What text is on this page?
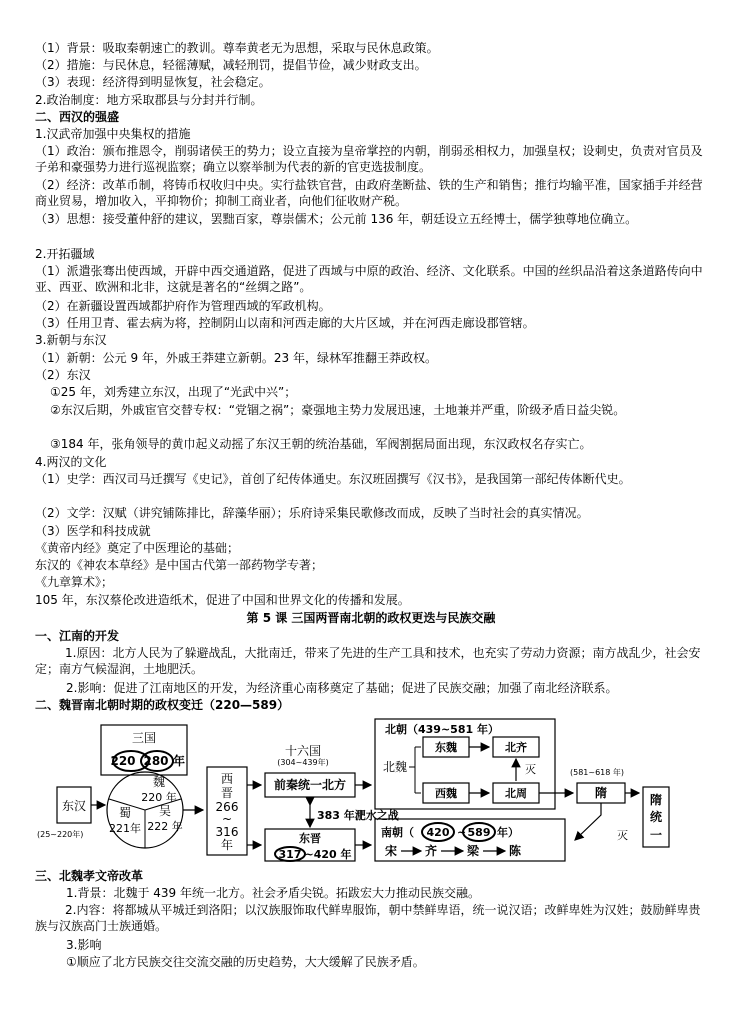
（1）背景：吸取秦朝速亡的教训。尊奉黄老无为思想，采取与民休息政策。
（2）措施：与民休息，轻徭薄赋，减轻刑罚，提倡节俭，减少财政支出。
（3）表现：经济得到明显恢复，社会稳定。
2.政治制度：地方采取郡县与分封并行制。
二、西汉的强盛
1.汉武帝加强中央集权的措施
（1）政治：颁布推恩令，削弱诸侯王的势力；设立直接为皇帝掌控的内朝，削弱丞相权力，加强皇权；设刺史，负责对官员及子弟和豪强势力进行巡视监察；确立以察举制为代表的新的官吏选拔制度。
（2）经济：改革币制，将铸币权收归中央。实行盐铁官营，由政府垄断盐、铁的生产和销售；推行均输平准，国家插手并经营商业贸易，增加收入，平抑物价；抑制工商业者，向他们征收财产税。
（3）思想：接受董仲舒的建议，罢黜百家，尊崇儒术；公元前 136 年，朝廷设立五经博士，儒学独尊地位确立。
2.开拓疆域
（1）派遣张骞出使西域，开辟中西交通道路，促进了西域与中原的政治、经济、文化联系。中国的丝织品沿着这条道路传向中亚、西亚、欧洲和北非，这就是著名的“丝绸之路”。
（2）在新疆设置西域都护府作为管理西域的军政机构。
（3）任用卫青、霍去病为将，控制阴山以南和河西走廊的大片区域，并在河西走廊设郡管辖。
3.新朝与东汉
（1）新朝：公元 9 年，外戚王莽建立新朝。23 年，绿林军推翻王莽政权。
（2）东汉
①25 年，刘秀建立东汉，出现了“光武中兴”；
②东汉后期，外戚宦官交替专权：“党锢之祸”；豪强地主势力发展迅速，土地兼并严重，阶级矛盾日益尖锐。
③184 年，张角领导的黄巾起义动摇了东汉王朝的统治基础，军阀割据局面出现，东汉政权名存实亡。
4.两汉的文化
（1）史学：西汉司马迁撰写《史记》，首创了纪传体通史。东汉班固撰写《汉书》，是我国第一部纪传体断代史。
（2）文学：汉赋（讲究铺陈排比，辞藻华丽）；乐府诗采集民歌修改而成，反映了当时社会的真实情况。
（3）医学和科技成就
《黄帝内经》奠定了中医理论的基础；
东汉的《神农本草经》是中国古代第一部药物学专著；
《九章算术》；
105 年，东汉蔡伦改进造纸术，促进了中国和世界文化的传播和发展。
第 5 课 三国两晋南北朝的政权更迭与民族交融
一、江南的开发
1.原因：北方人民为了躲避战乱，大批南迁，带来了先进的生产工具和技术，也充实了劳动力资源；南方战乱少，社会安定；南方气候湿润，土地肥沃。
2.影响：促进了江南地区的开发，为经济重心南移奠定了基础；促进了民族交融；加强了南北经济联系。
二、魏晋南北朝时期的政权变迁（220—589）
三国
220 280 年
东汉
(25~220年)
魏
220 年
蜀
221年
吴
222 年
西
晋
266
~
316
年
十六国
(304~439年)
前秦统一北方
383 年淝水之战
东晋
317 ~420 年
北朝（439~581 年）
北魏
东魏
西魏
北齐
北周
灭	(581~618 年)
隋	隋
统
一
南朝（ 420 ~ 589 年）
宋 齐 梁 陈
灭
三、北魏孝文帝改革
1.背景：北魏于 439 年统一北方。社会矛盾尖锐。拓跋宏大力推动民族交融。
2.内容：将都城从平城迁到洛阳；以汉族服饰取代鲜卑服饰，朝中禁鲜卑语，统一说汉语；改鲜卑姓为汉姓；鼓励鲜卑贵族与汉族高门士族通婚。
3.影响
①顺应了北方民族交往交流交融的历史趋势，大大缓解了民族矛盾。
